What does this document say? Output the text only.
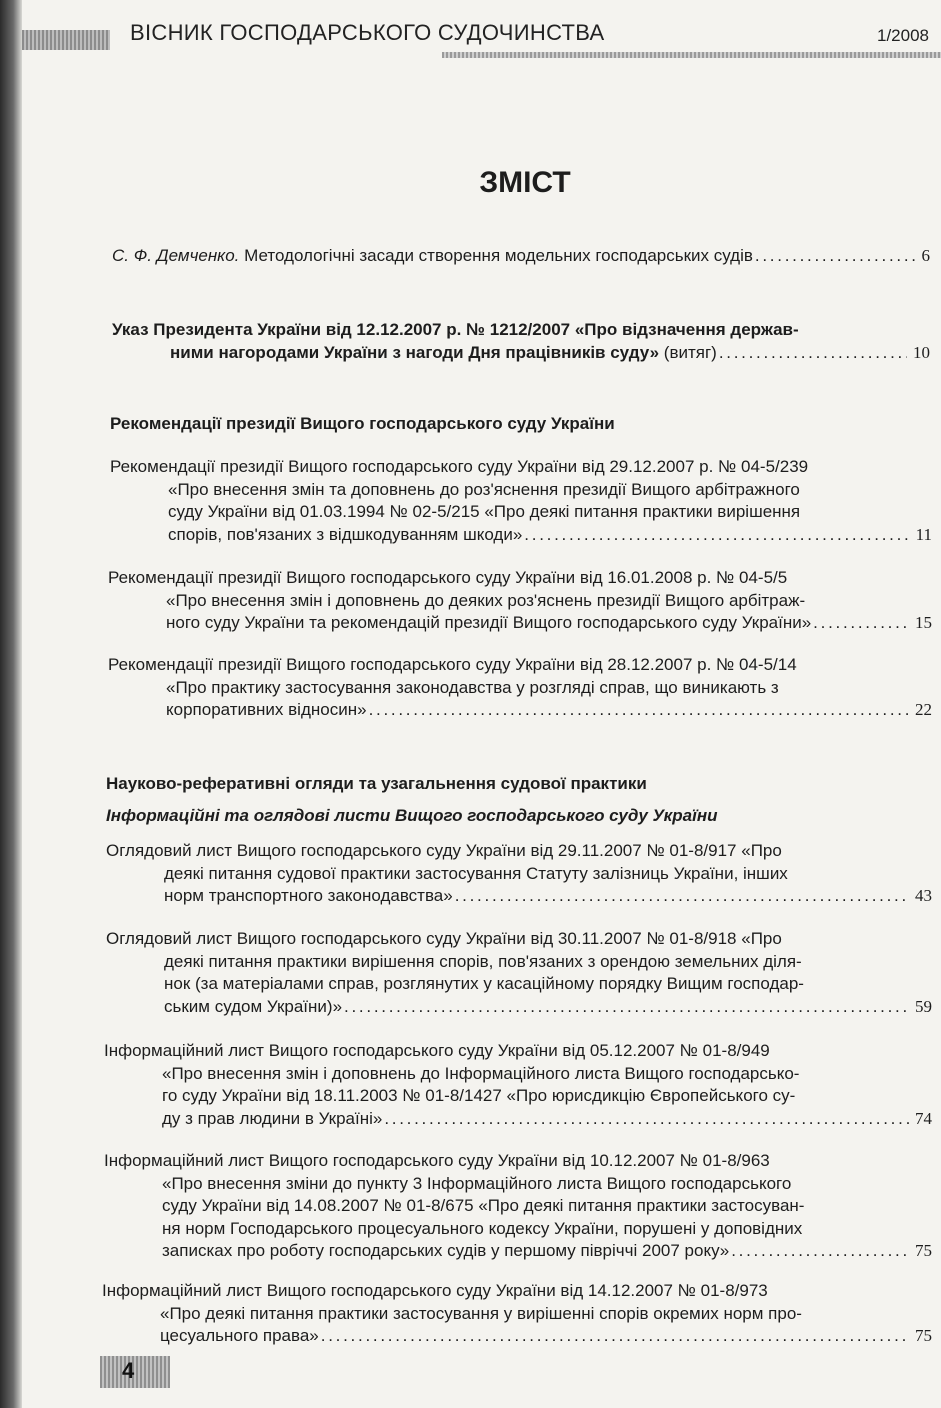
ВІСНИК ГОСПОДАРСЬКОГО СУДОЧИНСТВА	1/2008
ЗМІСТ
С. Ф. Демченко. Методологічні засади створення модельних господарських судів . . .	6
Указ Президента України від 12.12.2007 р. № 1212/2007 «Про відзначення держав-
ними нагородами України з нагоди Дня працівників суду» (витяг) . . .	10
Рекомендації президії Вищого господарського суду України
Рекомендації президії Вищого господарського суду України від 29.12.2007 р. № 04-5/239
«Про внесення змін та доповнень до роз'яснення президії Вищого арбітражного
суду України від 01.03.1994 № 02-5/215 «Про деякі питання практики вирішення
спорів, пов'язаних з відшкодуванням шкоди» . . .	11
Рекомендації президії Вищого господарського суду України від 16.01.2008 р. № 04-5/5
«Про внесення змін і доповнень до деяких роз'яснень президії Вищого арбітраж-
ного суду України та рекомендацій президії Вищого господарського суду України» . . .	15
Рекомендації президії Вищого господарського суду України від 28.12.2007 р. № 04-5/14
«Про практику застосування законодавства у розгляді справ, що виникають з
корпоративних відносин» . . .	22
Науково-реферативні огляди та узагальнення судової практики
Інформаційні та оглядові листи Вищого господарського суду України
Оглядовий лист Вищого господарського суду України від 29.11.2007 № 01-8/917 «Про
деякі питання судової практики застосування Статуту залізниць України, інших
норм транспортного законодавства» . . .	43
Оглядовий лист Вищого господарського суду України від 30.11.2007 № 01-8/918 «Про
деякі питання практики вирішення спорів, пов'язаних з орендою земельних діля-
нок (за матеріалами справ, розглянутих у касаційному порядку Вищим господар-
ським судом України)» . . .	59
Інформаційний лист Вищого господарського суду України від 05.12.2007 № 01-8/949
«Про внесення змін і доповнень до Інформаційного листа Вищого господарсько-
го суду України від 18.11.2003 № 01-8/1427 «Про юрисдикцію Європейського су-
ду з прав людини в Україні» . . .	74
Інформаційний лист Вищого господарського суду України від 10.12.2007 № 01-8/963
«Про внесення зміни до пункту 3 Інформаційного листа Вищого господарського
суду України від 14.08.2007 № 01-8/675 «Про деякі питання практики застосуван-
ня норм Господарського процесуального кодексу України, порушені у доповідних
записках про роботу господарських судів у першому півріччі 2007 року» . . .	75
Інформаційний лист Вищого господарського суду України від 14.12.2007 № 01-8/973
«Про деякі питання практики застосування у вирішенні спорів окремих норм про-
цесуального права» . . .	75
4
